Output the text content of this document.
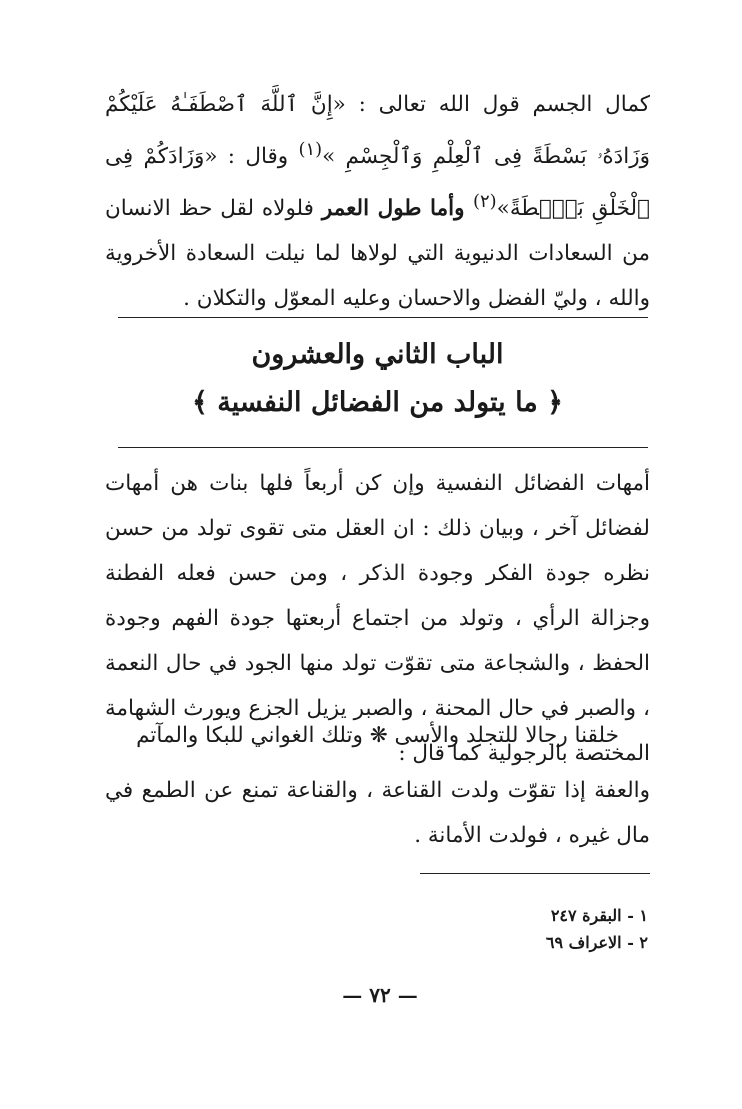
كمال الجسم قول الله تعالى : «إِنَّ ٱللَّهَ ٱصْطَفَـٰهُ عَلَيْكُمْ وَزَادَهُۥ بَسْطَةً فِى ٱلْعِلْمِ وَٱلْجِسْمِ »$^{(١)}$ وقال : «وَزَادَكُمْ فِى ٱلْخَلْقِ بَصْۜطَةً»$^{(٢)}$ وأما طول العمر فلولاه لقل حظ الانسان من السعادات الدنيوية التي لولاها لما نيلت السعادة الأخروية والله ، وليّ الفضل والاحسان وعليه المعوّل والتكلان .
الباب الثاني والعشرون
﴿ ما يتولد من الفضائل النفسية ﴾
أمهات الفضائل النفسية وإن كن أربعاً فلها بنات هن أمهات لفضائل آخر ، وبيان ذلك : ان العقل متى تقوى تولد من حسن نظره جودة الفكر وجودة الذكر ، ومن حسن فعله الفطنة وجزالة الرأي ، وتولد من اجتماع أربعتها جودة الفهم وجودة الحفظ ، والشجاعة متى تقوّت تولد منها الجود في حال النعمة ، والصبر في حال المحنة ، والصبر يزيل الجزع ويورث الشهامة المختصة بالرجولية كما قال :
خلقنا رجالا للتجلد والأسى ❋ وتلك الغواني للبكا والمآتم
والعفة إذا تقوّت ولدت القناعة ، والقناعة تمنع عن الطمع في مال غيره ، فولدت الأمانة .
١ - البقرة ٢٤٧
٢ - الاعراف ٦٩
— ٧٢ —
